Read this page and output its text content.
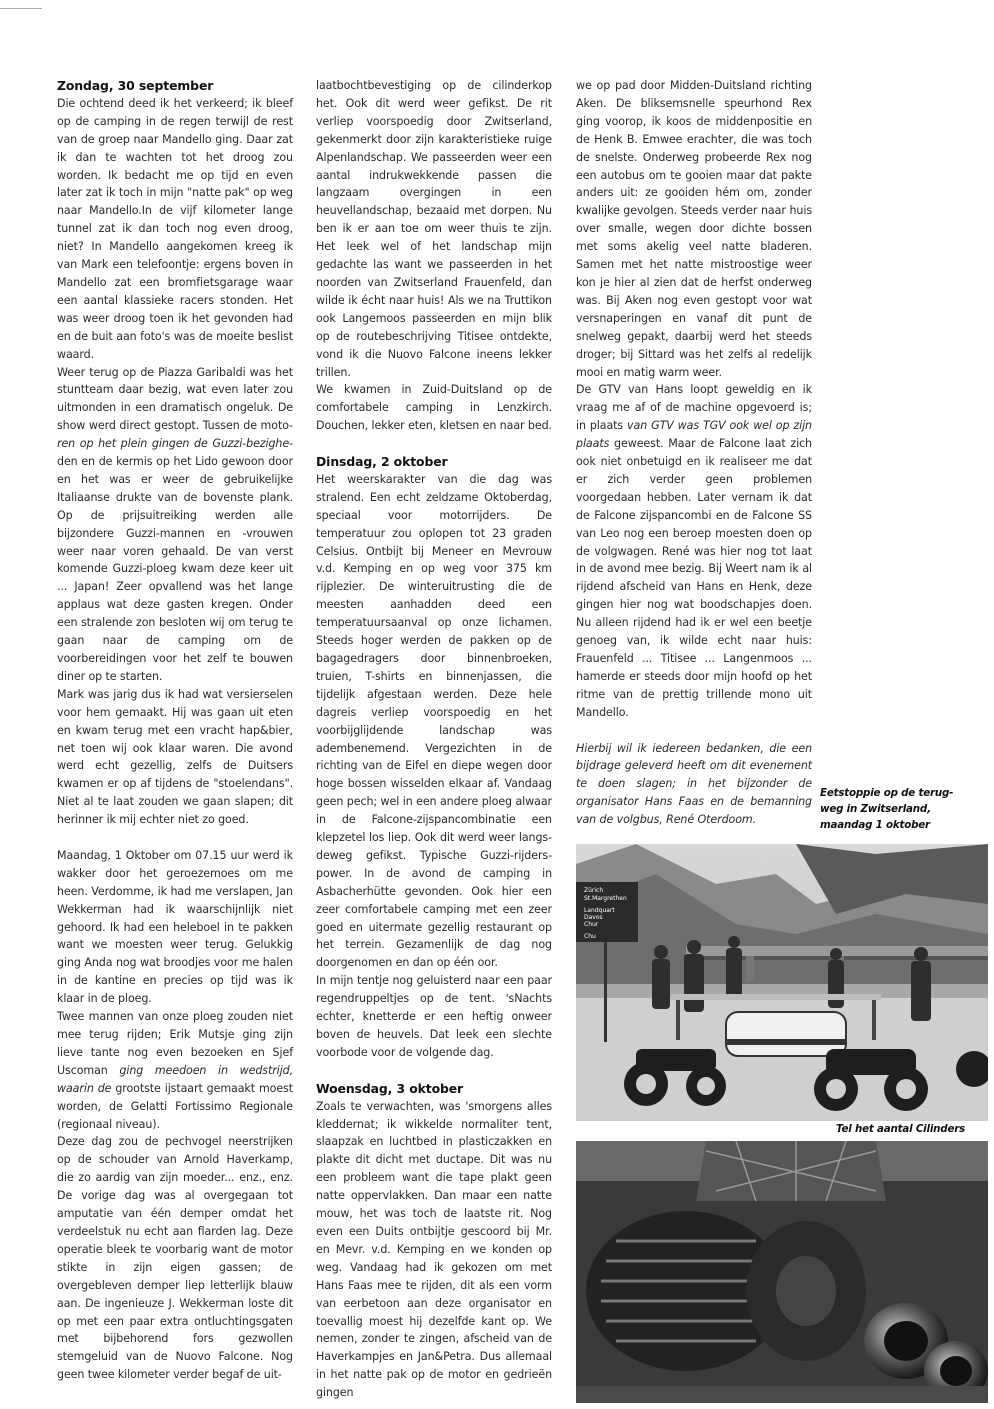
Zondag, 30 september

Die ochtend deed ik het verkeerd; ik bleef op de camping in de regen terwijl de rest van de groep naar Mandello ging. Daar zat ik dan te wachten tot het droog zou worden. Ik bedacht me op tijd en even later zat ik toch in mijn "natte pak" op weg naar Mandello.In de vijf kilometer lange tunnel zat ik dan toch nog even droog, niet? In Mandello aangekomen kreeg ik van Mark een telefoontje: ergens boven in Mandello zat een bromfietsgarage waar een aantal klassieke racers stonden. Het was weer droog toen ik het gevonden had en de buit aan foto's was de moeite beslist waard.

Weer terug op de Piazza Garibaldi was het stuntteam daar bezig, wat even later zou uitmonden in een dramatisch ongeluk. De show werd direct gestopt. Tussen de moto- ren op het plein gingen de Guzzi-bezighe- den en de kermis op het Lido gewoon door en het was er weer de gebruikelijke Italiaanse drukte van de bovenste plank. Op de prijsuitreiking werden alle bijzondere Guzzi-mannen en -vrouwen weer naar voren gehaald. De van verst komende Guzzi-ploeg kwam deze keer uit ... Japan! Zeer opvallend was het lange applaus wat deze gasten kregen. Onder een stralende zon besloten wij om terug te gaan naar de camping om de voorbereidingen voor het zelf te bouwen diner op te starten.

Mark was jarig dus ik had wat versierselen voor hem gemaakt. Hij was gaan uit eten en kwam terug met een vracht hap&bier, net toen wij ook klaar waren. Die avond werd echt gezellig, zelfs de Duitsers kwamen er op af tijdens de "stoelendans". Niet al te laat zouden we gaan slapen; dit herinner ik mij echter niet zo goed.

Maandag, 1 Oktober om 07.15 uur werd ik wakker door het geroezemoes om me heen. Verdomme, ik had me verslapen, Jan Wekkerman had ik waarschijnlijk niet gehoord. Ik had een heleboel in te pakken want we moesten weer terug. Gelukkig ging Anda nog wat broodjes voor me halen in de kantine en precies op tijd was ik klaar in de ploeg.

Twee mannen van onze ploeg zouden niet mee terug rijden; Erik Mutsje ging zijn lieve tante nog even bezoeken en Sjef Uscoman ging meedoen in wedstrijd, waarin de grootste ijstaart gemaakt moest worden, de Gelatti Fortissimo Regionale (regionaal niveau).

Deze dag zou de pechvogel neerstrijken op de schouder van Arnold Haverkamp, die zo aardig van zijn moeder... enz., enz. De vorige dag was al overgegaan tot amputatie van één demper omdat het verdeelstuk nu echt aan flarden lag. Deze operatie bleek te voorbarig want de motor stikte in zijn eigen gassen; de overgebleven demper liep letterlijk blauw aan. De ingenieuze J. Wekkerman loste dit op met een paar extra ontluchtingsgaten met bijbehorend fors gezwollen stemgeluid van de Nuovo Falcone. Nog geen twee kilometer verder begaf de uit-

laatbochtbevestiging op de cilinderkop het. Ook dit werd weer gefikst. De rit verliep voorspoedig door Zwitserland, gekenmerkt door zijn karakteristieke ruige Alpenlandschap. We passeerden weer een aantal indrukwekkende passen die langzaam overgingen in een heuvellandschap, bezaaid met dorpen. Nu ben ik er aan toe om weer thuis te zijn. Het leek wel of het landschap mijn gedachte las want we passeerden in het noorden van Zwitserland Frauenfeld, dan wilde ik écht naar huis! Als we na Truttikon ook Langemoos passeerden en mijn blik op de routebeschrijving Titisee ontdekte, vond ik die Nuovo Falcone ineens lekker trillen.

We kwamen in Zuid-Duitsland op de comfortabele camping in Lenzkirch. Douchen, lekker eten, kletsen en naar bed.

Dinsdag, 2 oktober

Het weerskarakter van die dag was stralend. Een echt zeldzame Oktoberdag, speciaal voor motorrijders. De temperatuur zou oplopen tot 23 graden Celsius. Ontbijt bij Meneer en Mevrouw v.d. Kemping en op weg voor 375 km rijplezier. De winteruitrusting die de meesten aanhadden deed een temperatuursaanval op onze lichamen. Steeds hoger werden de pakken op de bagagedragers door binnenbroeken, truien, T-shirts en binnenjassen, die tijdelijk afgestaan werden. Deze hele dagreis verliep voorspoedig en het voorbijglijdende landschap was adembenemend. Vergezichten in de richting van de Eifel en diepe wegen door hoge bossen wisselden elkaar af. Vandaag geen pech; wel in een andere ploeg alwaar in de Falcone-zijspancombinatie een klepzetel los liep. Ook dit werd weer langs-deweg gefikst. Typische Guzzi-rijders-power. In de avond de camping in Asbacherhütte gevonden. Ook hier een zeer comfortabele camping met een zeer goed en uitermate gezellig restaurant op het terrein. Gezamenlijk de dag nog doorgenomen en dan op één oor.

In mijn tentje nog geluisterd naar een paar regendruppeltjes op de tent. 'sNachts echter, knetterde er een heftig onweer boven de heuvels. Dat leek een slechte voorbode voor de volgende dag.

Woensdag, 3 oktober

Zoals te verwachten, was 'smorgens alles kleddernat; ik wikkelde normaliter tent, slaapzak en luchtbed in plasticzakken en plakte dit dicht met ductape. Dit was nu een probleem want die tape plakt geen natte oppervlakken. Dan maar een natte mouw, het was toch de laatste rit. Nog even een Duits ontbijtje gescoord bij Mr. en Mevr. v.d. Kemping en we konden op weg. Vandaag had ik gekozen om met Hans Faas mee te rijden, dit als een vorm van eerbetoon aan deze organisator en toevallig moest hij dezelfde kant op. We nemen, zonder te zingen, afscheid van de Haverkampjes en Jan&Petra. Dus allemaal in het natte pak op de motor en gedrieën gingen

we op pad door Midden-Duitsland richting Aken. De bliksemsnelle speurhond Rex ging voorop, ik koos de middenpositie en de Henk B. Emwee erachter, die was toch de snelste. Onderweg probeerde Rex nog een autobus om te gooien maar dat pakte anders uit: ze gooiden hém om, zonder kwalijke gevolgen. Steeds verder naar huis over smalle, wegen door dichte bossen met soms akelig veel natte bladeren. Samen met het natte mistroostige weer kon je hier al zien dat de herfst onderweg was. Bij Aken nog even gestopt voor wat versnaperingen en vanaf dit punt de snelweg gepakt, daarbij werd het steeds droger; bij Sittard was het zelfs al redelijk mooi en matig warm weer.

De GTV van Hans loopt geweldig en ik vraag me af of de machine opgevoerd is; in plaats van GTV was TGV ook wel op zijn plaats geweest. Maar de Falcone laat zich ook niet onbetuigd en ik realiseer me dat er zich verder geen problemen voorgedaan hebben. Later vernam ik dat de Falcone zijspancombi en de Falcone SS van Leo nog een beroep moesten doen op de volgwagen. René was hier nog tot laat in de avond mee bezig. Bij Weert nam ik al rijdend afscheid van Hans en Henk, deze gingen hier nog wat boodschapjes doen. Nu alleen rijdend had ik er wel een beetje genoeg van, ik wilde echt naar huis: Frauenfeld ... Titisee ... Langenmoos ... hamerde er steeds door mijn hoofd op het ritme van de prettig trillende mono uit Mandello.

Hierbij wil ik iedereen bedanken, die een bijdrage geleverd heeft om dit evenement te doen slagen; in het bijzonder de organisator Hans Faas en de bemanning van de volgbus, René Oterdoom.

Eetstoppie op de terug-
weg in Zwitserland,
maandag 1 oktober
Zürich
St.Margrethen
Landquart
Davos
Chur
Chu
Tel het aantal Cilinders
